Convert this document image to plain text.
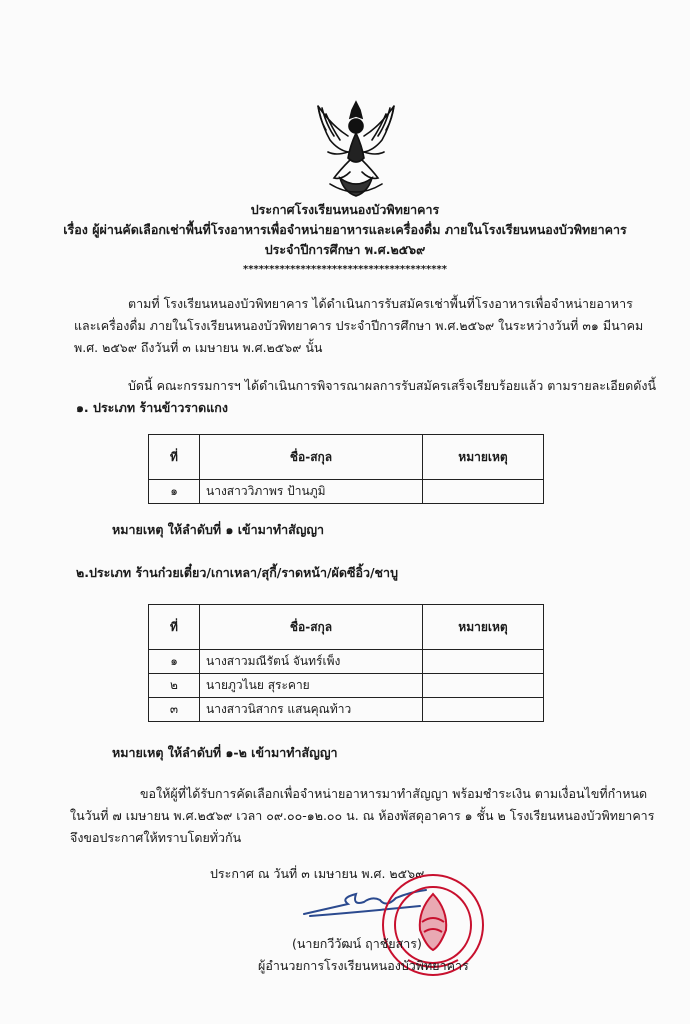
ประกาศโรงเรียนหนองบัวพิทยาคาร
เรื่อง ผู้ผ่านคัดเลือกเช่าพื้นที่โรงอาหารเพื่อจำหน่ายอาหารและเครื่องดื่ม ภายในโรงเรียนหนองบัวพิทยาคาร
ประจำปีการศึกษา พ.ศ.๒๕๖๙
***************************************
ตามที่ โรงเรียนหนองบัวพิทยาคาร ได้ดำเนินการรับสมัครเช่าพื้นที่โรงอาหารเพื่อจำหน่ายอาหาร
และเครื่องดื่ม ภายในโรงเรียนหนองบัวพิทยาคาร ประจำปีการศึกษา พ.ศ.๒๕๖๙ ในระหว่างวันที่ ๓๑ มีนาคม
พ.ศ. ๒๕๖๙ ถึงวันที่ ๓ เมษายน พ.ศ.๒๕๖๙ นั้น
บัดนี้ คณะกรรมการฯ ได้ดำเนินการพิจารณาผลการรับสมัครเสร็จเรียบร้อยแล้ว ตามรายละเอียดดังนี้
๑. ประเภท ร้านข้าวราดแกง
ที่	ชื่อ-สกุล	หมายเหตุ
๑	นางสาววิภาพร ป้านภูมิ	
หมายเหตุ ให้ลำดับที่ ๑ เข้ามาทำสัญญา
๒.ประเภท ร้านก๋วยเตี๋ยว/เกาเหลา/สุกี้/ราดหน้า/ผัดซีอิ้ว/ชาบู
ที่	ชื่อ-สกุล	หมายเหตุ
๑	นางสาวมณีรัตน์ จันทร์เพ็ง	
๒	นายภูวไนย สุระคาย	
๓	นางสาวนิสากร แสนคุณท้าว	
หมายเหตุ ให้ลำดับที่ ๑-๒ เข้ามาทำสัญญา
ขอให้ผู้ที่ได้รับการคัดเลือกเพื่อจำหน่ายอาหารมาทำสัญญา พร้อมชำระเงิน ตามเงื่อนไขที่กำหนด
ในวันที่ ๗ เมษายน พ.ศ.๒๕๖๙ เวลา ๐๙.๐๐-๑๒.๐๐ น. ณ ห้องพัสดุอาคาร ๑ ชั้น ๒ โรงเรียนหนองบัวพิทยาคาร
จึงขอประกาศให้ทราบโดยทั่วกัน
ประกาศ ณ วันที่ ๓ เมษายน พ.ศ. ๒๕๖๙
(นายกวีวัฒน์ ฤาชัยสาร)
ผู้อำนวยการโรงเรียนหนองบัวพิทยาคาร
